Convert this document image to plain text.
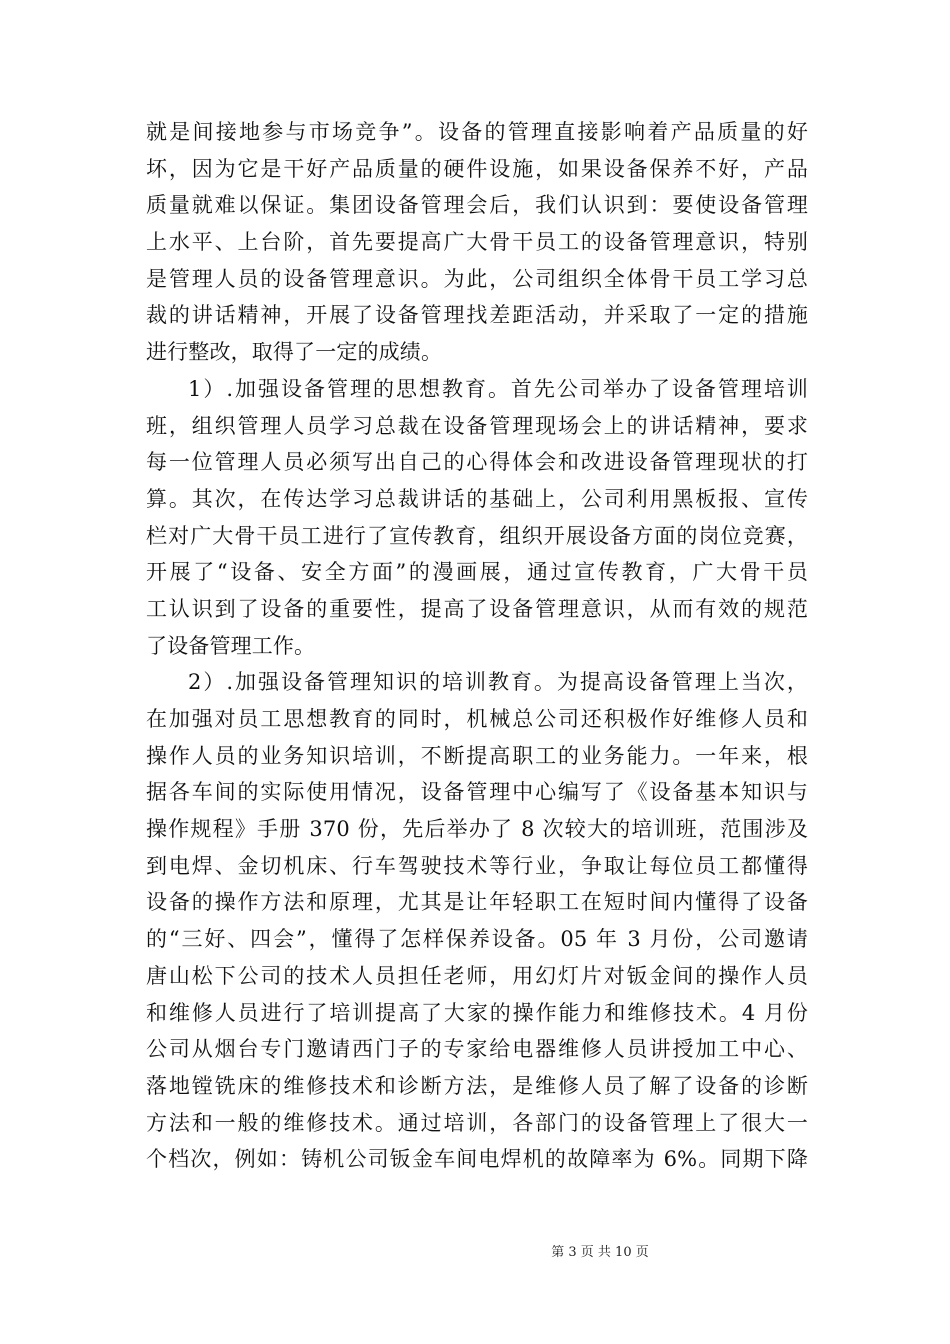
就是间接地参与市场竞争”。设备的管理直接影响着产品质量的好
坏，因为它是干好产品质量的硬件设施，如果设备保养不好，产品
质量就难以保证。集团设备管理会后，我们认识到：要使设备管理
上水平、上台阶，首先要提高广大骨干员工的设备管理意识，特别
是管理人员的设备管理意识。为此，公司组织全体骨干员工学习总
裁的讲话精神，开展了设备管理找差距活动，并采取了一定的措施
进行整改，取得了一定的成绩。
1）.加强设备管理的思想教育。首先公司举办了设备管理培训
班，组织管理人员学习总裁在设备管理现场会上的讲话精神，要求
每一位管理人员必须写出自己的心得体会和改进设备管理现状的打
算。其次，在传达学习总裁讲话的基础上，公司利用黑板报、宣传
栏对广大骨干员工进行了宣传教育，组织开展设备方面的岗位竞赛，
开展了“设备、安全方面”的漫画展，通过宣传教育，广大骨干员
工认识到了设备的重要性，提高了设备管理意识，从而有效的规范
了设备管理工作。
2）.加强设备管理知识的培训教育。为提高设备管理上当次，
在加强对员工思想教育的同时，机械总公司还积极作好维修人员和
操作人员的业务知识培训，不断提高职工的业务能力。一年来，根
据各车间的实际使用情况，设备管理中心编写了《设备基本知识与
操作规程》手册 370 份，先后举办了 8 次较大的培训班，范围涉及
到电焊、金切机床、行车驾驶技术等行业，争取让每位员工都懂得
设备的操作方法和原理，尤其是让年轻职工在短时间内懂得了设备
的“三好、四会”，懂得了怎样保养设备。05 年 3 月份，公司邀请
唐山松下公司的技术人员担任老师，用幻灯片对钣金间的操作人员
和维修人员进行了培训提高了大家的操作能力和维修技术。4 月份
公司从烟台专门邀请西门子的专家给电器维修人员讲授加工中心、
落地镗铣床的维修技术和诊断方法，是维修人员了解了设备的诊断
方法和一般的维修技术。通过培训，各部门的设备管理上了很大一
个档次，例如：铸机公司钣金车间电焊机的故障率为 6%。同期下降
第 3 页 共 10 页
